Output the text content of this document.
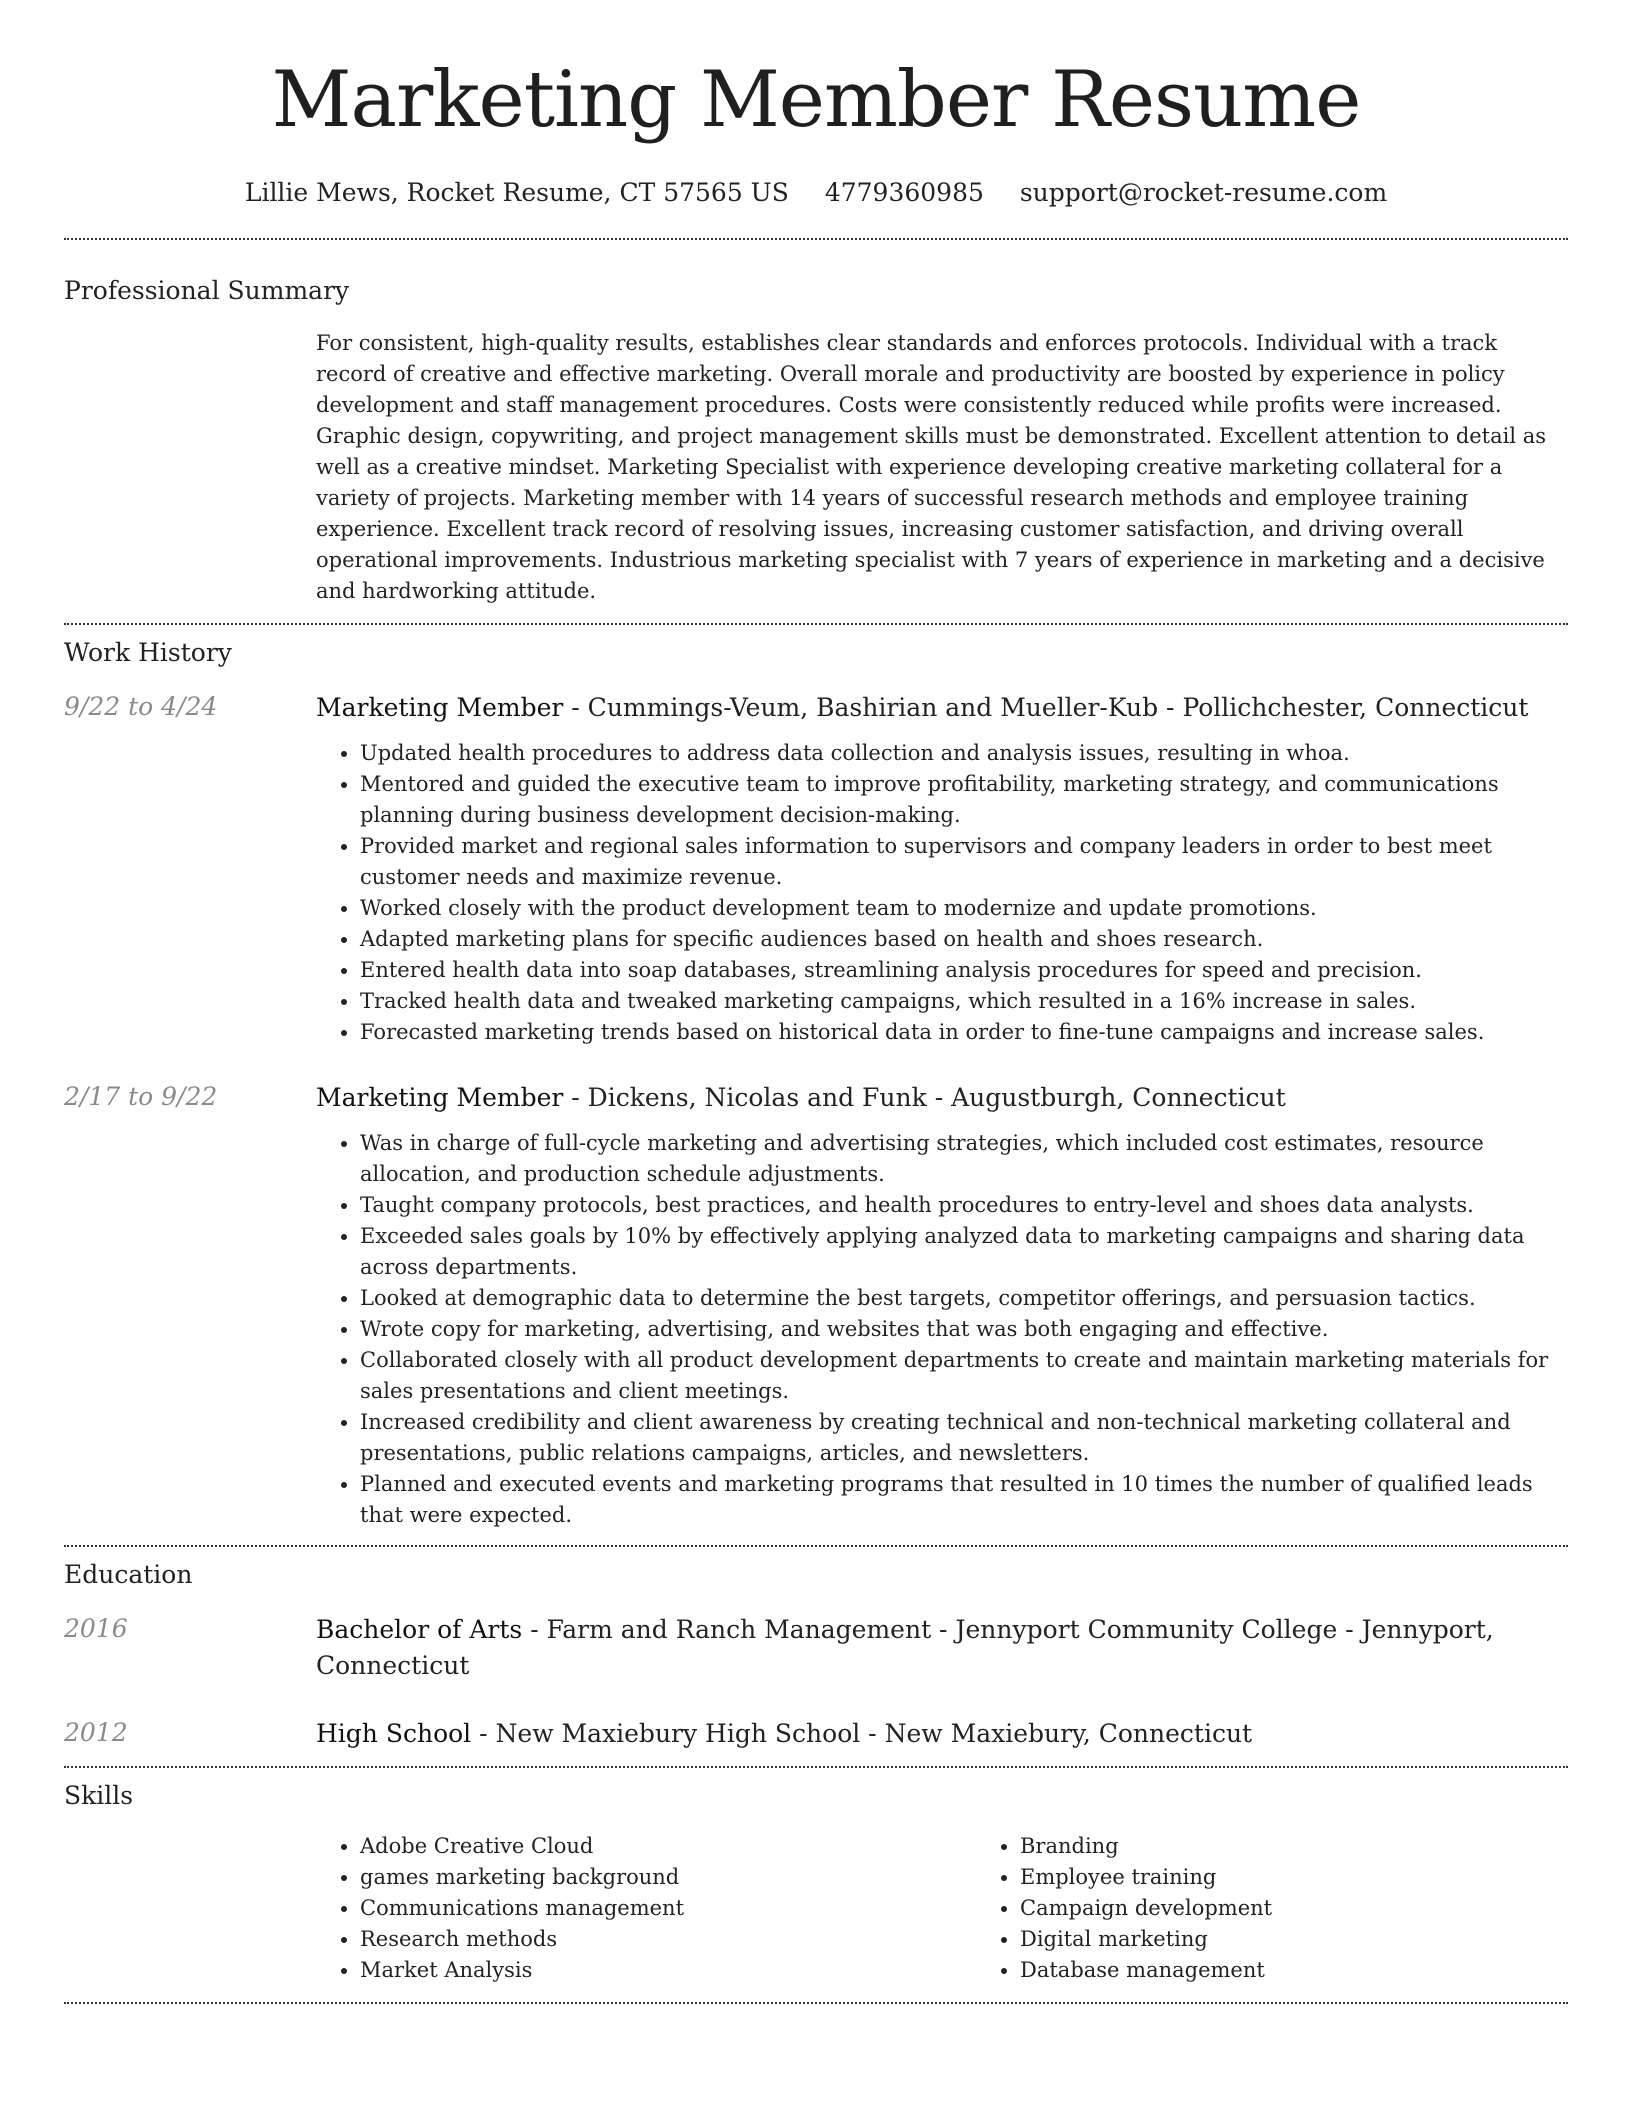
Marketing Member Resume
Lillie Mews, Rocket Resume, CT 57565 US 4779360985 support@rocket-resume.com
Professional Summary
For consistent, high-quality results, establishes clear standards and enforces protocols. Individual with a track record of creative and effective marketing. Overall morale and productivity are boosted by experience in policy development and staff management procedures. Costs were consistently reduced while profits were increased. Graphic design, copywriting, and project management skills must be demonstrated. Excellent attention to detail as well as a creative mindset. Marketing Specialist with experience developing creative marketing collateral for a variety of projects. Marketing member with 14 years of successful research methods and employee training experience. Excellent track record of resolving issues, increasing customer satisfaction, and driving overall operational improvements. Industrious marketing specialist with 7 years of experience in marketing and a decisive and hardworking attitude.
Work History
9/22 to 4/24	Marketing Member - Cummings-Veum, Bashirian and Mueller-Kub - Pollichchester, Connecticut
• Updated health procedures to address data collection and analysis issues, resulting in whoa.
• Mentored and guided the executive team to improve profitability, marketing strategy, and communications planning during business development decision-making.
• Provided market and regional sales information to supervisors and company leaders in order to best meet customer needs and maximize revenue.
• Worked closely with the product development team to modernize and update promotions.
• Adapted marketing plans for specific audiences based on health and shoes research.
• Entered health data into soap databases, streamlining analysis procedures for speed and precision.
• Tracked health data and tweaked marketing campaigns, which resulted in a 16% increase in sales.
• Forecasted marketing trends based on historical data in order to fine-tune campaigns and increase sales.
2/17 to 9/22	Marketing Member - Dickens, Nicolas and Funk - Augustburgh, Connecticut
• Was in charge of full-cycle marketing and advertising strategies, which included cost estimates, resource allocation, and production schedule adjustments.
• Taught company protocols, best practices, and health procedures to entry-level and shoes data analysts.
• Exceeded sales goals by 10% by effectively applying analyzed data to marketing campaigns and sharing data across departments.
• Looked at demographic data to determine the best targets, competitor offerings, and persuasion tactics.
• Wrote copy for marketing, advertising, and websites that was both engaging and effective.
• Collaborated closely with all product development departments to create and maintain marketing materials for sales presentations and client meetings.
• Increased credibility and client awareness by creating technical and non-technical marketing collateral and presentations, public relations campaigns, articles, and newsletters.
• Planned and executed events and marketing programs that resulted in 10 times the number of qualified leads that were expected.
Education
2016	Bachelor of Arts - Farm and Ranch Management - Jennyport Community College - Jennyport, Connecticut
2012	High School - New Maxiebury High School - New Maxiebury, Connecticut
Skills
• Adobe Creative Cloud
• games marketing background
• Communications management
• Research methods
• Market Analysis
• Branding
• Employee training
• Campaign development
• Digital marketing
• Database management
